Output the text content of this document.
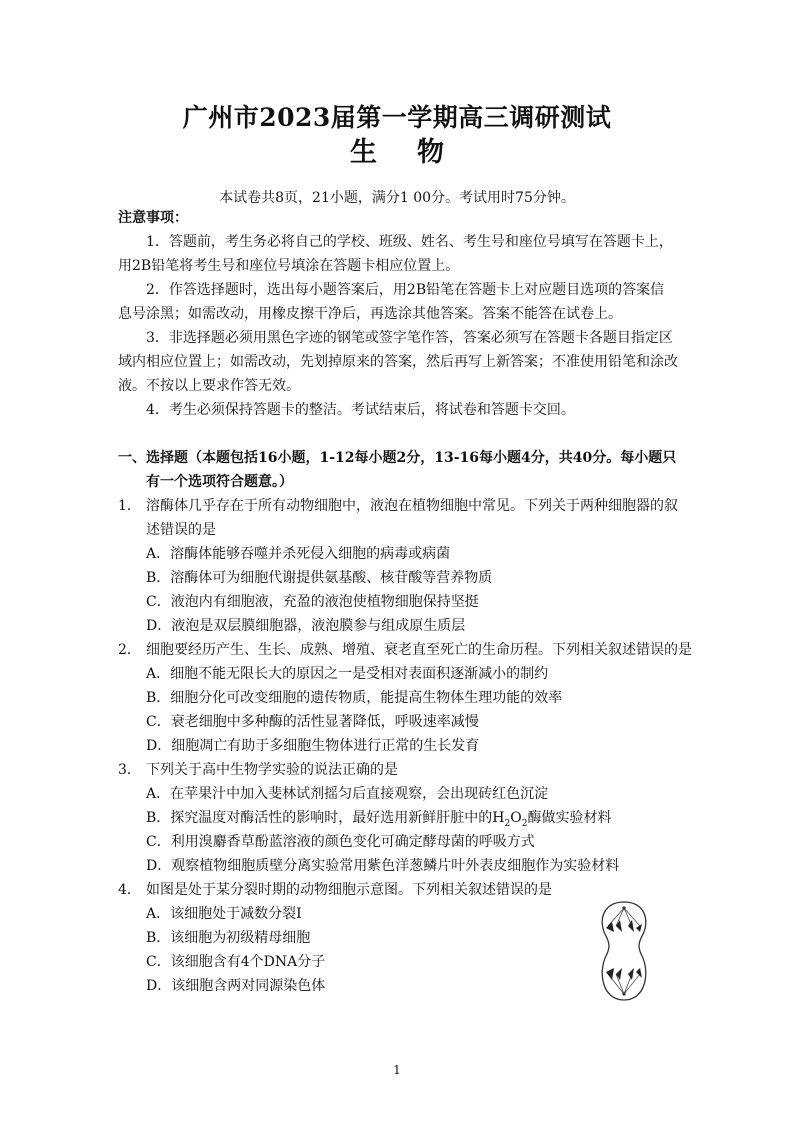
广州市2023届第一学期高三调研测试
生 物
本试卷共8页，21小题，满分1 00分。考试用时75分钟。
注意事项：
1．答题前，考生务必将自己的学校、班级、姓名、考生号和座位号填写在答题卡上，
用2B铅笔将考生号和座位号填涂在答题卡相应位置上。
2．作答选择题时，选出每小题答案后，用2B铅笔在答题卡上对应题目选项的答案信
息号涂黑；如需改动，用橡皮擦干净后，再选涂其他答案。答案不能答在试卷上。
3．非选择题必须用黑色字迹的钢笔或签字笔作答，答案必须写在答题卡各题目指定区
域内相应位置上；如需改动，先划掉原来的答案，然后再写上新答案；不准使用铅笔和涂改
液。不按以上要求作答无效。
4．考生必须保持答题卡的整洁。考试结束后，将试卷和答题卡交回。
一、选择题（本题包括16小题，1-12每小题2分，13-16每小题4分，共40分。每小题只
有一个选项符合题意。）
1． 溶酶体几乎存在于所有动物细胞中，液泡在植物细胞中常见。下列关于两种细胞器的叙
述错误的是
A．溶酶体能够吞噬并杀死侵入细胞的病毒或病菌
B．溶酶体可为细胞代谢提供氨基酸、核苷酸等营养物质
C．液泡内有细胞液，充盈的液泡使植物细胞保持坚挺
D．液泡是双层膜细胞器，液泡膜参与组成原生质层
2． 细胞要经历产生、生长、成熟、增殖、衰老直至死亡的生命历程。下列相关叙述错误的是
A．细胞不能无限长大的原因之一是受相对表面积逐渐减小的制约
B．细胞分化可改变细胞的遗传物质，能提高生物体生理功能的效率
C．衰老细胞中多种酶的活性显著降低，呼吸速率减慢
D．细胞凋亡有助于多细胞生物体进行正常的生长发育
3． 下列关于高中生物学实验的说法正确的是
A．在苹果汁中加入斐林试剂摇匀后直接观察，会出现砖红色沉淀
B．探究温度对酶活性的影响时，最好选用新鲜肝脏中的$H_2O_2$酶做实验材料
C．利用溴麝香草酚蓝溶液的颜色变化可确定酵母菌的呼吸方式
D．观察植物细胞质壁分离实验常用紫色洋葱鳞片叶外表皮细胞作为实验材料
4． 如图是处于某分裂时期的动物细胞示意图。下列相关叙述错误的是
A．该细胞处于减数分裂Ⅰ
B．该细胞为初级精母细胞
C．该细胞含有4个DNA分子
D．该细胞含两对同源染色体
1
